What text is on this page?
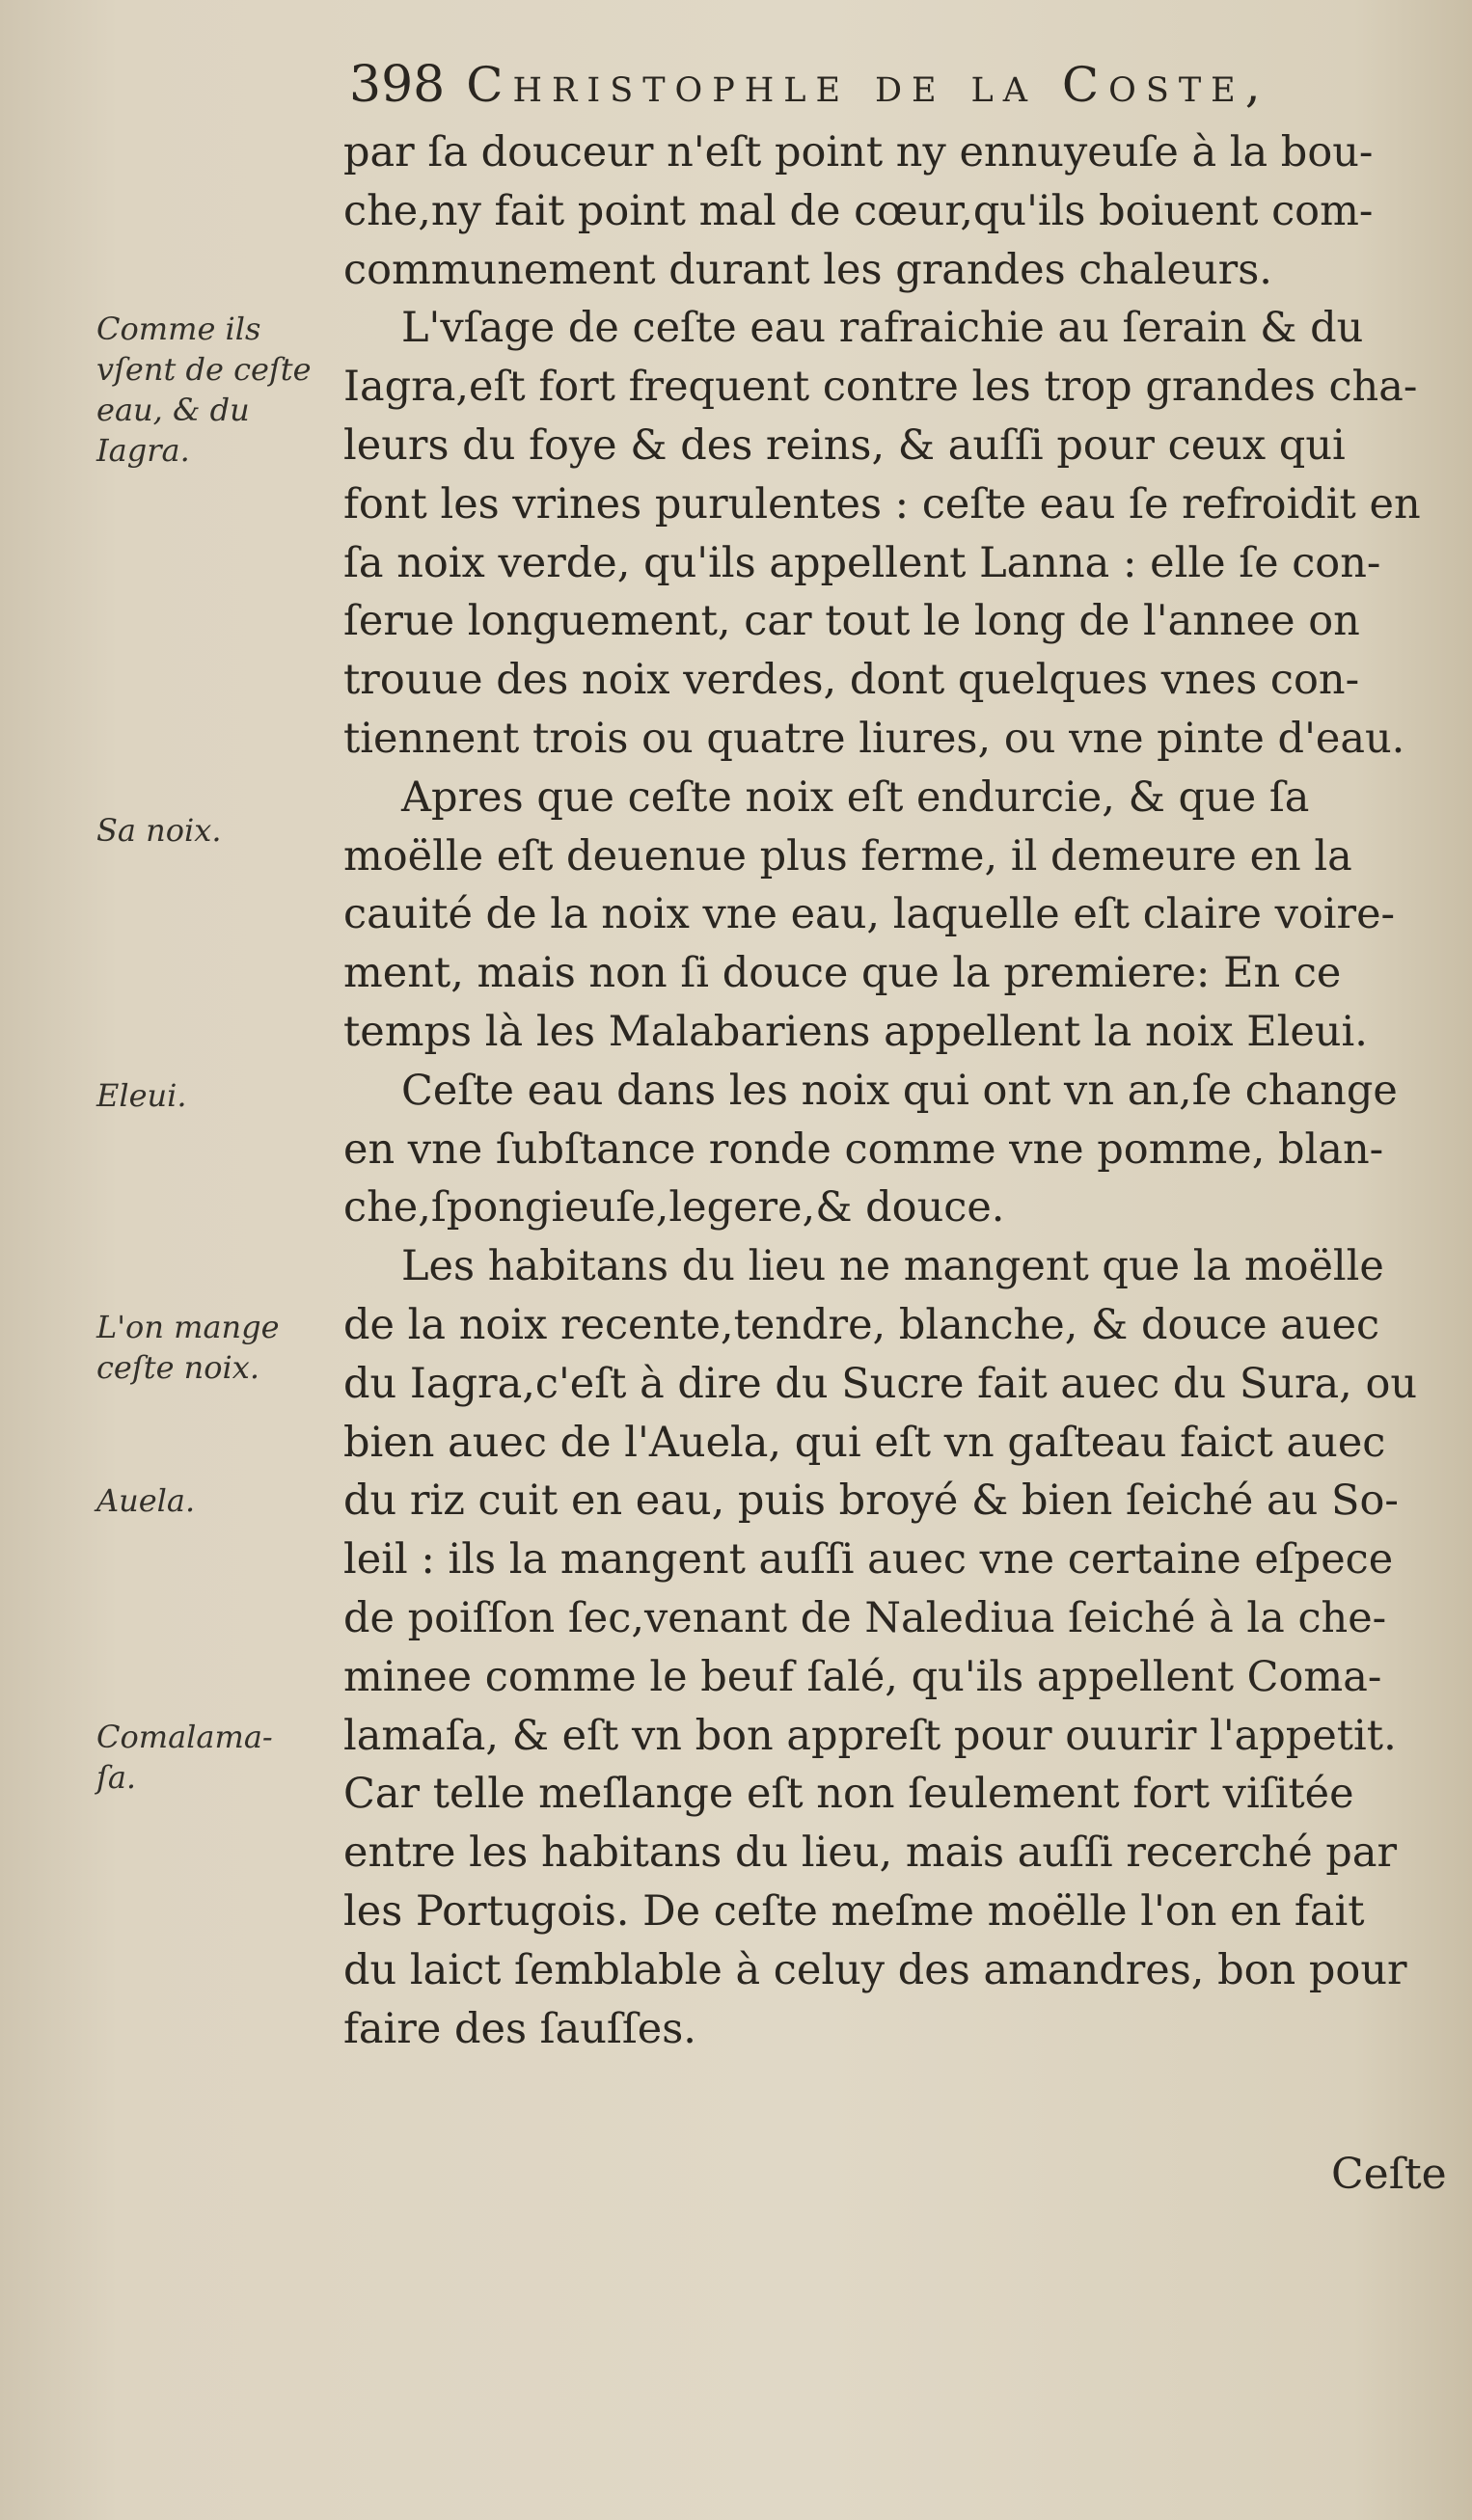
398 Christophle de la Coste,
Comme ils
vſent de ceſte
eau, & du
Iagra.
Sa noix.
Eleui.
L'on mange
ceſte noix.
Auela.
Comalama-
ſa.
par ſa douceur n'eſt point ny ennuyeuſe à la bou-
che,ny fait point mal de cœur,qu'ils boiuent com-
communement durant les grandes chaleurs.
L'vſage de ceſte eau rafraichie au ſerain & du
Iagra,eſt fort frequent contre les trop grandes cha-
leurs du foye & des reins, & auſſi pour ceux qui
font les vrines purulentes : ceſte eau ſe refroidit en
ſa noix verde, qu'ils appellent Lanna : elle ſe con-
ſerue longuement, car tout le long de l'annee on
trouue des noix verdes, dont quelques vnes con-
tiennent trois ou quatre liures, ou vne pinte d'eau.
Apres que ceſte noix eſt endurcie, & que ſa
moëlle eſt deuenue plus ferme, il demeure en la
cauité de la noix vne eau, laquelle eſt claire voire-
ment, mais non ſi douce que la premiere: En ce
temps là les Malabariens appellent la noix Eleui.
Ceſte eau dans les noix qui ont vn an,ſe change
en vne ſubſtance ronde comme vne pomme, blan-
che,ſpongieuſe,legere,& douce.
Les habitans du lieu ne mangent que la moëlle
de la noix recente,tendre, blanche, & douce auec
du Iagra,c'eſt à dire du Sucre fait auec du Sura, ou
bien auec de l'Auela, qui eſt vn gaſteau faict auec
du riz cuit en eau, puis broyé & bien ſeiché au So-
leil : ils la mangent auſſi auec vne certaine eſpece
de poiſſon ſec,venant de Nalediua ſeiché à la che-
minee comme le beuf ſalé, qu'ils appellent Coma-
lamaſa, & eſt vn bon appreſt pour ouurir l'appetit.
Car telle meſlange eſt non ſeulement fort viſitée
entre les habitans du lieu, mais auſſi recerché par
les Portugois. De ceſte meſme moëlle l'on en fait
du laict ſemblable à celuy des amandres, bon pour
faire des ſauſſes.
Ceſte
